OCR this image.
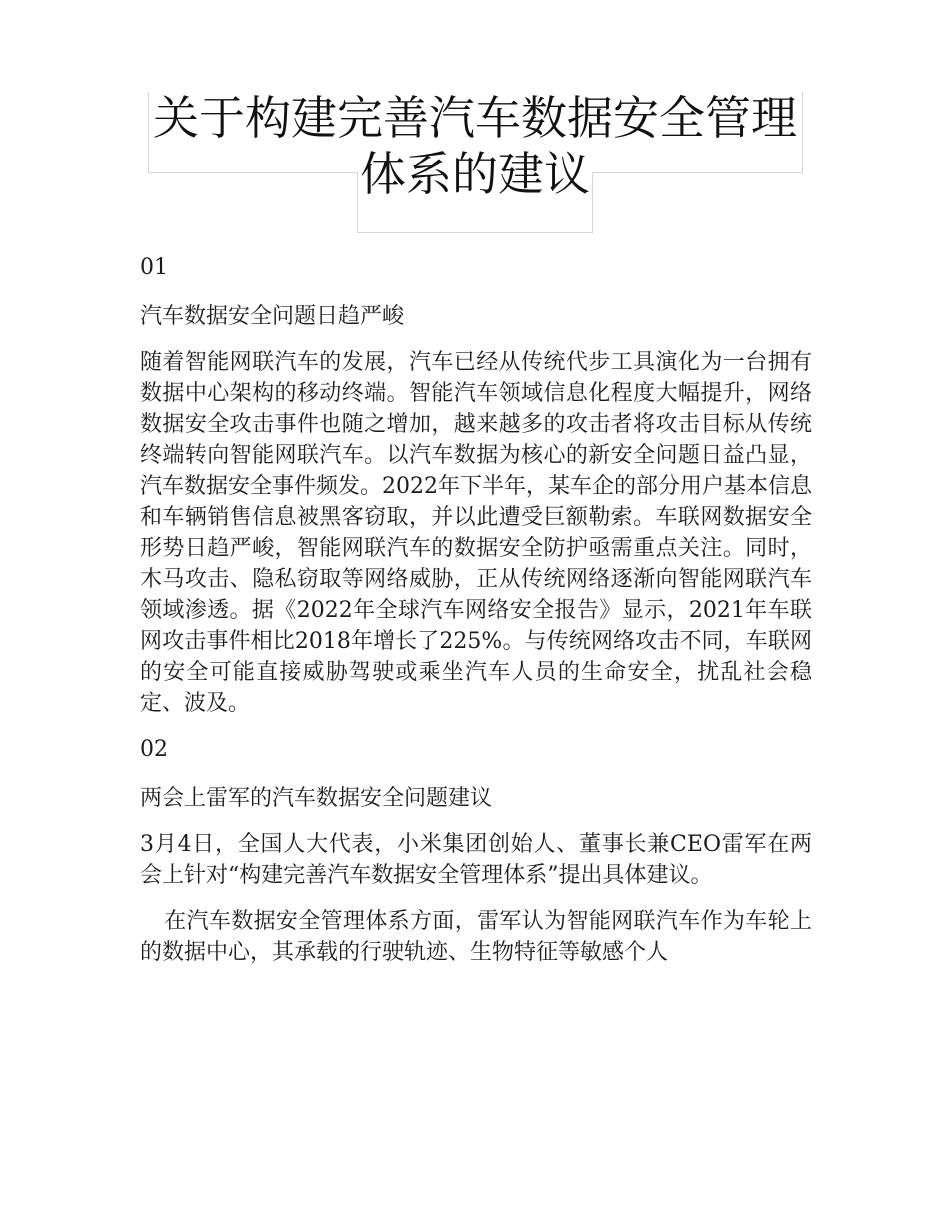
关于构建完善汽车数据安全管理
体系的建议

01

汽车数据安全问题日趋严峻

随着智能网联汽车的发展，汽车已经从传统代步工具演化为一台拥有数据中心架构的移动终端。智能汽车领域信息化程度大幅提升，网络数据安全攻击事件也随之增加，越来越多的攻击者将攻击目标从传统终端转向智能网联汽车。以汽车数据为核心的新安全问题日益凸显，汽车数据安全事件频发。2022年下半年，某车企的部分用户基本信息和车辆销售信息被黑客窃取，并以此遭受巨额勒索。车联网数据安全形势日趋严峻，智能网联汽车的数据安全防护亟需重点关注。同时，木马攻击、隐私窃取等网络威胁，正从传统网络逐渐向智能网联汽车领域渗透。据《2022年全球汽车网络安全报告》显示，2021年车联网攻击事件相比2018年增长了225%。与传统网络攻击不同，车联网的安全可能直接威胁驾驶或乘坐汽车人员的生命安全，扰乱社会稳定、波及。

02

两会上雷军的汽车数据安全问题建议

3月4日，全国人大代表，小米集团创始人、董事长兼CEO雷军在两会上针对“构建完善汽车数据安全管理体系”提出具体建议。

在汽车数据安全管理体系方面，雷军认为智能网联汽车作为车轮上的数据中心，其承载的行驶轨迹、生物特征等敏感个人
